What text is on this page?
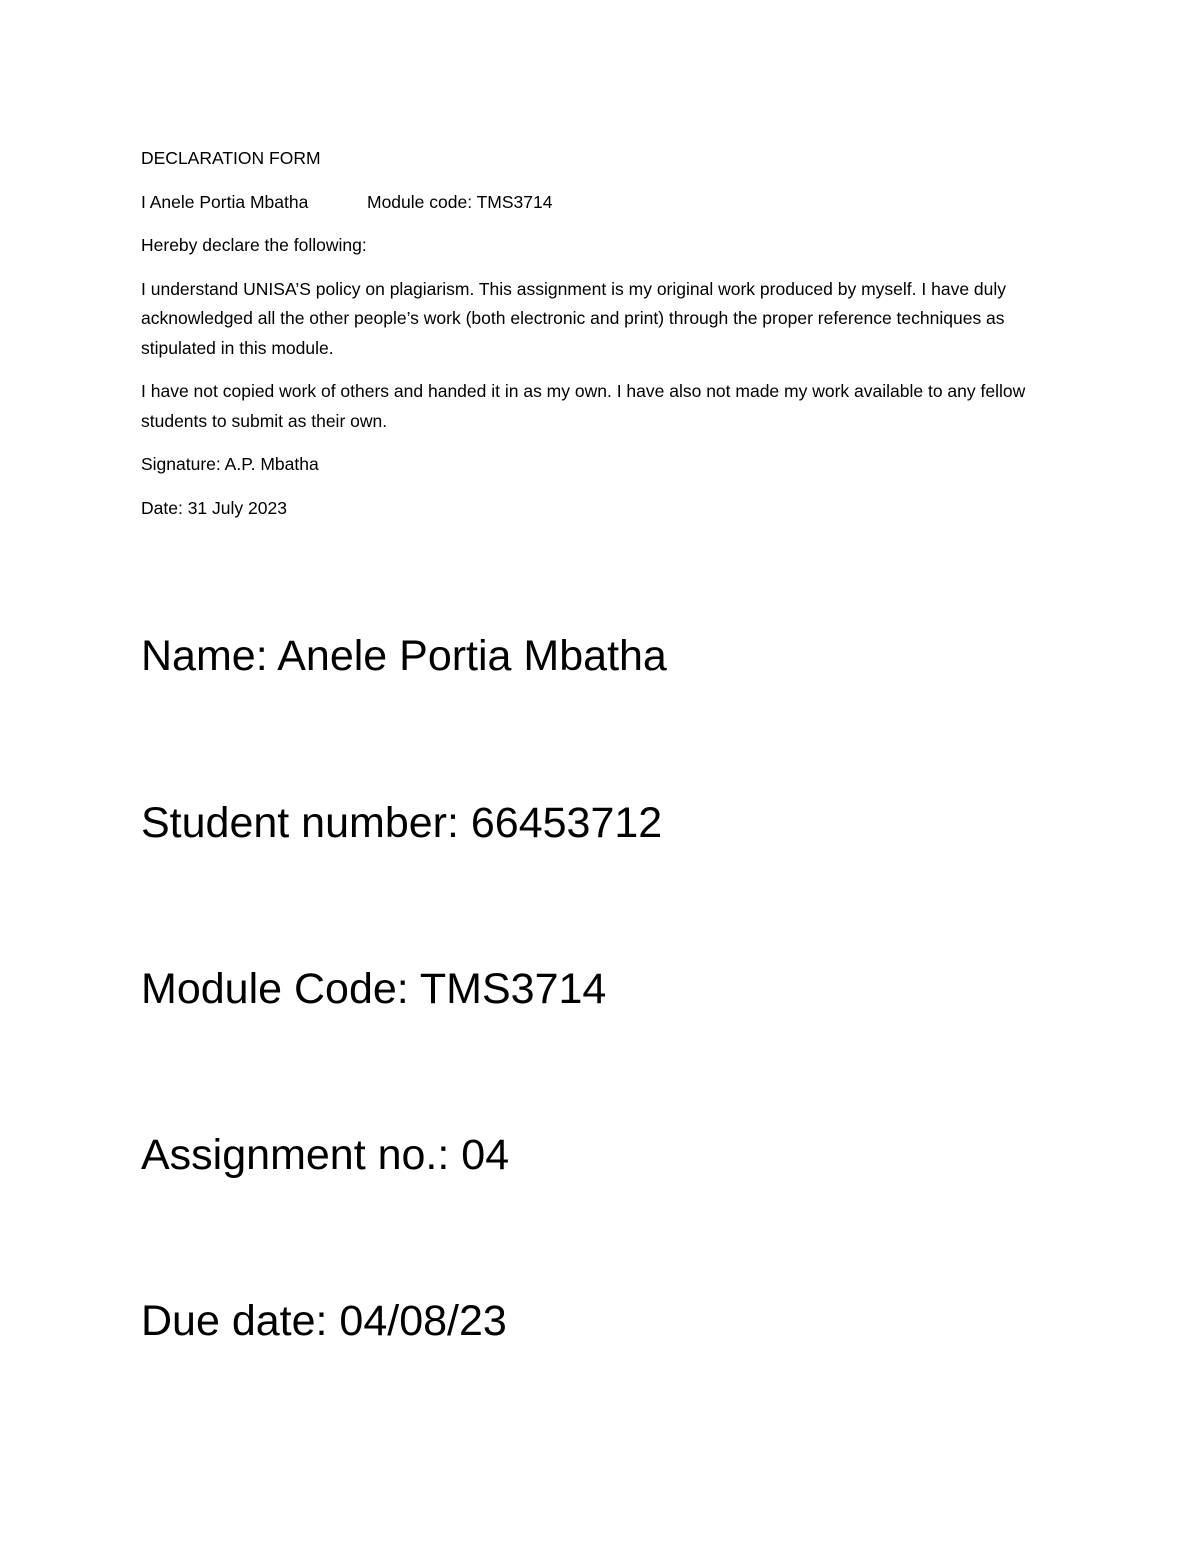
DECLARATION FORM

I Anele Portia Mbatha	Module code: TMS3714

Hereby declare the following:

I understand UNISA’S policy on plagiarism. This assignment is my original work produced by myself. I have duly acknowledged all the other people’s work (both electronic and print) through the proper reference techniques as stipulated in this module.

I have not copied work of others and handed it in as my own. I have also not made my work available to any fellow students to submit as their own.

Signature: A.P. Mbatha

Date: 31 July 2023

Name: Anele Portia Mbatha
Student number: 66453712
Module Code: TMS3714
Assignment no.: 04
Due date: 04/08/23
